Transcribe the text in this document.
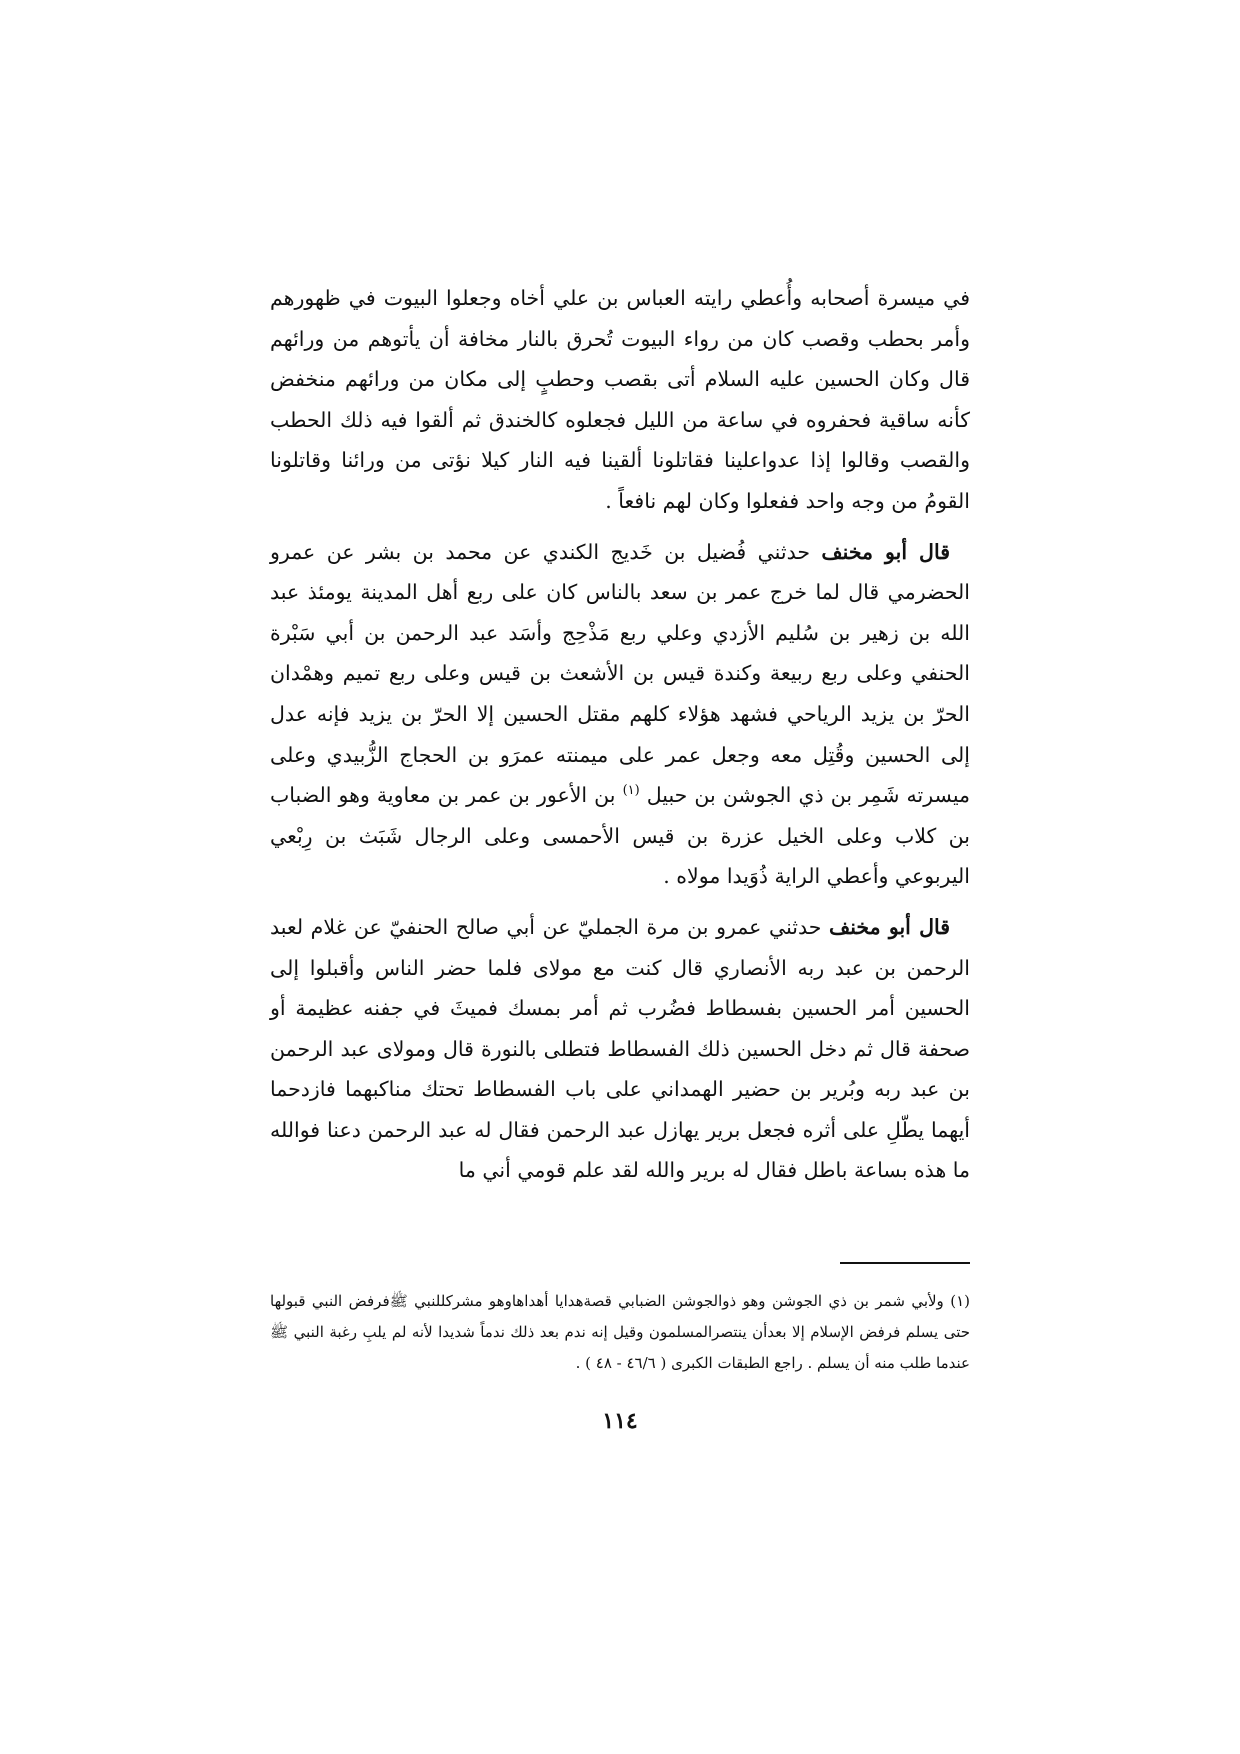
في ميسرة أصحابه وأُعطي رايته العباس بن علي أخاه وجعلوا البيوت في ظهورهم وأمر بحطب وقصب كان من رواء البيوت تُحرق بالنار مخافة أن يأتوهم من ورائهم قال وكان الحسين عليه السلام أتى بقصب وحطبٍ إلى مكان من ورائهم منخفض كأنه ساقية فحفروه في ساعة من الليل فجعلوه كالخندق ثم ألقوا فيه ذلك الحطب والقصب وقالوا إذا عدواعلينا فقاتلونا ألقينا فيه النار كيلا نؤتى من ورائنا وقاتلونا القومُ من وجه واحد ففعلوا وكان لهم نافعاً .

قال أبو مخنف حدثني فُضيل بن خَديج الكندي عن محمد بن بشر عن عمرو الحضرمي قال لما خرج عمر بن سعد بالناس كان على ربع أهل المدينة يومئذ عبد الله بن زهير بن سُليم الأزدي وعلي ربع مَذْحِج وأسَد عبد الرحمن بن أبي سَبْرة الحنفي وعلى ربع ربيعة وكندة قيس بن الأشعث بن قيس وعلى ربع تميم وهمْدان الحرّ بن يزيد الرياحي فشهد هؤلاء كلهم مقتل الحسين إلا الحرّ بن يزيد فإنه عدل إلى الحسين وقُتِل معه وجعل عمر على ميمنته عمرَو بن الحجاج الزُّبيدي وعلى ميسرته شَمِر بن ذي الجوشن بن حبيل $^{(١)}$ بن الأعور بن عمر بن معاوية وهو الضباب بن كلاب وعلى الخيل عزرة بن قيس الأحمسى وعلى الرجال شَبَث بن رِبْعي اليربوعي وأعطي الراية ذُوَيدا مولاه .

قال أبو مخنف حدثني عمرو بن مرة الجمليّ عن أبي صالح الحنفيّ عن غلام لعبد الرحمن بن عبد ربه الأنصاري قال كنت مع مولاى فلما حضر الناس وأقبلوا إلى الحسين أمر الحسين بفسطاط فضُرب ثم أمر بمسك فميثَ في جفنه عظيمة أو صحفة قال ثم دخل الحسين ذلك الفسطاط فتطلى بالنورة قال ومولاى عبد الرحمن بن عبد ربه وبُرير بن حضير الهمداني على باب الفسطاط تحتك مناكبهما فازدحما أيهما يطّلِ على أثره فجعل برير يهازل عبد الرحمن فقال له عبد الرحمن دعنا فوالله ما هذه بساعة باطل فقال له برير والله لقد علم قومي أني ما

(١) ولأبي شمر بن ذي الجوشن وهو ذوالجوشن الضبابي قصةهدايا أهداهاوهو مشركللنبي ﷺفرفض النبي قبولها حتى يسلم فرفض الإسلام إلا بعدأن ينتصرالمسلمون وقيل إنه ندم بعد ذلك ندماً شديدا لأنه لم يلبِ رغبة النبي ﷺ عندما طلب منه أن يسلم . راجع الطبقات الكبرى ( ٤٦/٦ - ٤٨ ) .
١١٤
